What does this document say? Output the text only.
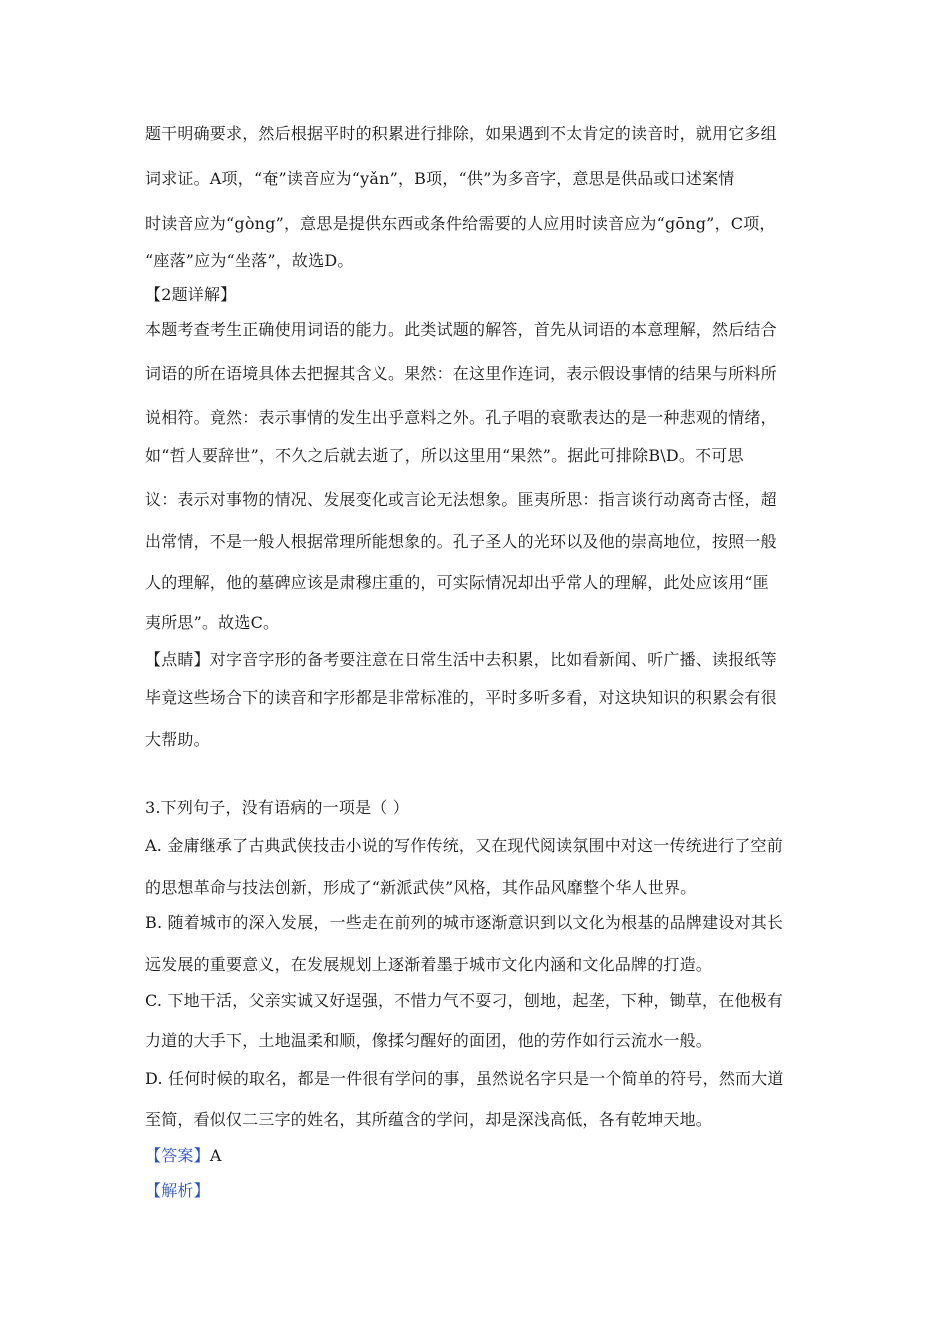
题干明确要求，然后根据平时的积累进行排除，如果遇到不太肯定的读音时，就用它多组
词求证。A项，“奄”读音应为“yǎn”，B项，“供”为多音字，意思是供品或口述案情
时读音应为“gòng”，意思是提供东西或条件给需要的人应用时读音应为“gōng”，C项，
“座落”应为“坐落”，故选D。
【2题详解】
本题考查考生正确使用词语的能力。此类试题的解答，首先从词语的本意理解，然后结合
词语的所在语境具体去把握其含义。果然：在这里作连词，表示假设事情的结果与所料所
说相符。竟然：表示事情的发生出乎意料之外。孔子唱的衰歌表达的是一种悲观的情绪，
如“哲人要辞世”，不久之后就去逝了，所以这里用“果然”。据此可排除B\D。不可思
议：表示对事物的情况、发展变化或言论无法想象。匪夷所思：指言谈行动离奇古怪，超
出常情，不是一般人根据常理所能想象的。孔子圣人的光环以及他的崇高地位，按照一般
人的理解，他的墓碑应该是肃穆庄重的，可实际情况却出乎常人的理解，此处应该用“匪
夷所思”。故选C。
【点睛】对字音字形的备考要注意在日常生活中去积累，比如看新闻、听广播、读报纸等
毕竟这些场合下的读音和字形都是非常标准的，平时多听多看，对这块知识的积累会有很
大帮助。
3.下列句子，没有语病的一项是（ ）
A. 金庸继承了古典武侠技击小说的写作传统，又在现代阅读氛围中对这一传统进行了空前
的思想革命与技法创新，形成了“新派武侠”风格，其作品风靡整个华人世界。
B. 随着城市的深入发展，一些走在前列的城市逐渐意识到以文化为根基的品牌建设对其长
远发展的重要意义，在发展规划上逐渐着墨于城市文化内涵和文化品牌的打造。
C. 下地干活，父亲实诚又好逞强，不惜力气不耍刁，刨地，起垄，下种，锄草，在他极有
力道的大手下，土地温柔和顺，像揉匀醒好的面团，他的劳作如行云流水一般。
D. 任何时候的取名，都是一件很有学问的事，虽然说名字只是一个简单的符号，然而大道
至简，看似仅二三字的姓名，其所蕴含的学问，却是深浅高低，各有乾坤天地。
【答案】A
【解析】
